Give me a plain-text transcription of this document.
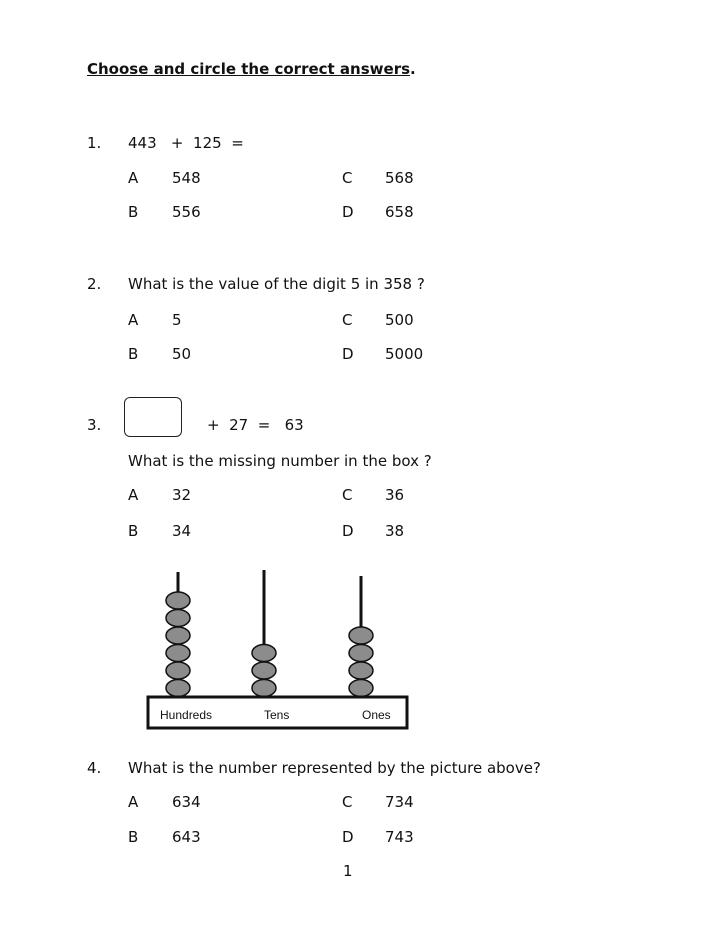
Choose and circle the correct answers.
1. 443   +  125  =
A 548	C 568
B 556	D 658
2. What is the value of the digit 5 in 358 ?
A 5	C 500
B 50	D 5000
3.	+  27  =   63
What is the missing number in the box ?
A 32	C 36
B 34	D 38
Hundreds	Tens	Ones
4. What is the number represented by the picture above?
A 634	C 734
B 643	D 743
1
